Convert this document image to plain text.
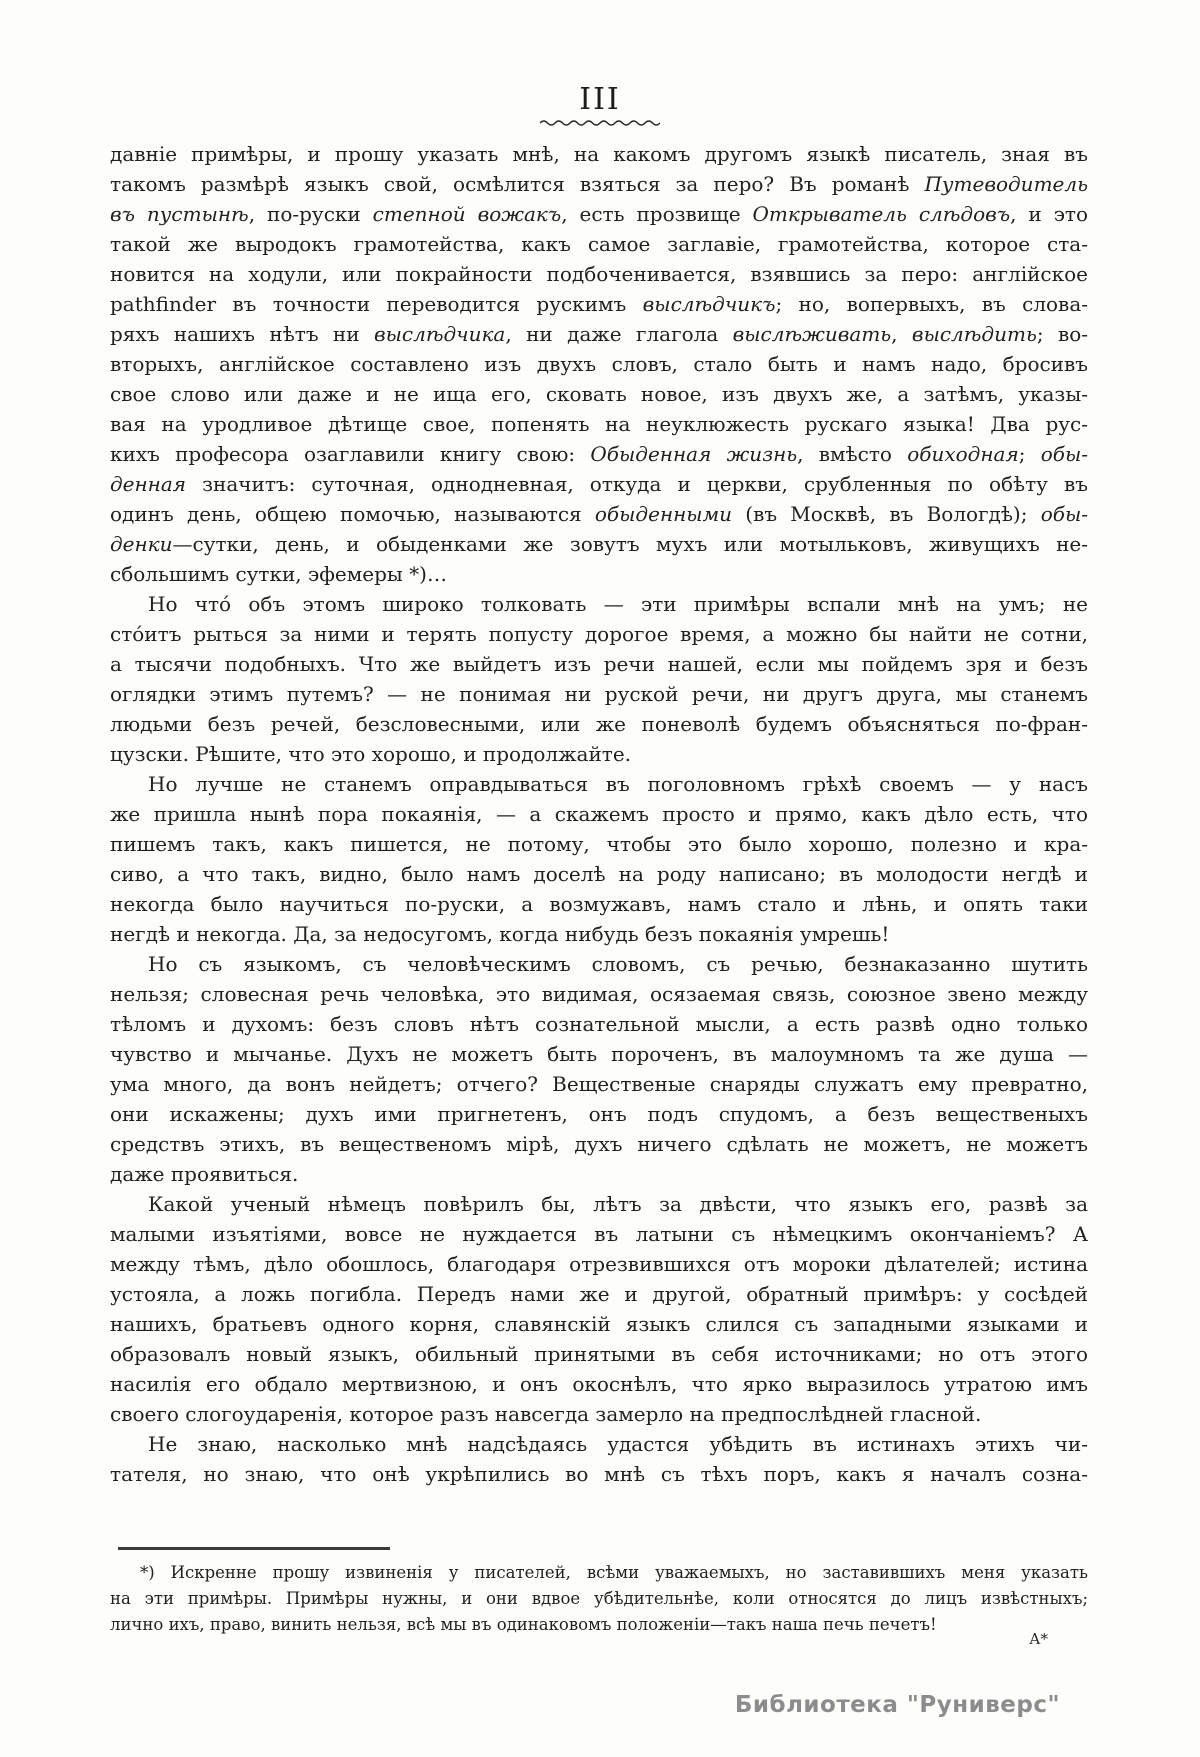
III
давніе примѣры, и прошу указать мнѣ, на какомъ другомъ языкѣ писатель, зная въ
такомъ размѣрѣ языкъ свой, осмѣлится взяться за перо? Въ романѣ Путеводитель
въ пустынѣ, по-руски степной вожакъ, есть прозвище Открыватель слѣдовъ, и это
такой же выродокъ грамотейства, какъ самое заглавіе, грамотейства, которое ста-
новится на ходули, или покрайности подбоченивается, взявшись за перо: англійское
pathfinder въ точности переводится рускимъ выслѣдчикъ; но, вопервыхъ, въ слова-
ряхъ нашихъ нѣтъ ни выслѣдчика, ни даже глагола выслѣживать, выслѣдить; во-
вторыхъ, англійское составлено изъ двухъ словъ, стало быть и намъ надо, бросивъ
свое слово или даже и не ища его, сковать новое, изъ двухъ же, а затѣмъ, указы-
вая на уродливое дѣтище свое, попенять на неуклюжесть рускаго языка! Два рус-
кихъ професора озаглавили книгу свою: Обыденная жизнь, вмѣсто обиходная; обы-
денная значитъ: суточная, однодневная, откуда и церкви, срубленныя по обѣту въ
одинъ день, общею помочью, называются обыденными (въ Москвѣ, въ Вологдѣ); обы-
денки—сутки, день, и обыденками же зовутъ мухъ или мотыльковъ, живущихъ не-
сбольшимъ сутки, эфемеры *)…
Но что́ объ этомъ широко толковать — эти примѣры вспали мнѣ на умъ; не
сто́итъ рыться за ними и терять попусту дорогое время, а можно бы найти не сотни,
а тысячи подобныхъ. Что же выйдетъ изъ речи нашей, если мы пойдемъ зря и безъ
оглядки этимъ путемъ? — не понимая ни руской речи, ни другъ друга, мы станемъ
людьми безъ речей, безсловесными, или же поневолѣ будемъ объясняться по-фран-
цузски. Рѣшите, что это хорошо, и продолжайте.
Но лучше не станемъ оправдываться въ поголовномъ грѣхѣ своемъ — у насъ
же пришла нынѣ пора покаянія, — а скажемъ просто и прямо, какъ дѣло есть, что
пишемъ такъ, какъ пишется, не потому, чтобы это было хорошо, полезно и кра-
сиво, а что такъ, видно, было намъ доселѣ на роду написано; въ молодости негдѣ и
некогда было научиться по-руски, а возмужавъ, намъ стало и лѣнь, и опять таки
негдѣ и некогда. Да, за недосугомъ, когда нибудь безъ покаянія умрешь!
Но съ языкомъ, съ человѣческимъ словомъ, съ речью, безнаказанно шутить
нельзя; словесная речь человѣка, это видимая, осязаемая связь, союзное звено между
тѣломъ и духомъ: безъ словъ нѣтъ сознательной мысли, а есть развѣ одно только
чувство и мычанье. Духъ не можетъ быть пороченъ, въ малоумномъ та же душа —
ума много, да вонъ нейдетъ; отчего? Вещественые снаряды служатъ ему превратно,
они искажены; духъ ими пригнетенъ, онъ подъ спудомъ, а безъ вещественыхъ
средствъ этихъ, въ вещественомъ мірѣ, духъ ничего сдѣлать не можетъ, не можетъ
даже проявиться.
Какой ученый нѣмецъ повѣрилъ бы, лѣтъ за двѣсти, что языкъ его, развѣ за
малыми изъятіями, вовсе не нуждается въ латыни съ нѣмецкимъ окончаніемъ? А
между тѣмъ, дѣло обошлось, благодаря отрезвившихся отъ мороки дѣлателей; истина
устояла, а ложь погибла. Передъ нами же и другой, обратный примѣръ: у сосѣдей
нашихъ, братьевъ одного корня, славянскій языкъ слился съ западными языками и
образовалъ новый языкъ, обильный принятыми въ себя источниками; но отъ этого
насилія его обдало мертвизною, и онъ окоснѣлъ, что ярко выразилось утратою имъ
своего слогоударенія, которое разъ навсегда замерло на предпослѣдней гласной.
Не знаю, насколько мнѣ надсѣдаясь удастся убѣдить въ истинахъ этихъ чи-
тателя, но знаю, что онѣ укрѣпились во мнѣ съ тѣхъ поръ, какъ я началъ созна-
*) Искренне прошу извиненія у писателей, всѣми уважаемыхъ, но заставившихъ меня указать
на эти примѣры. Примѣры нужны, и они вдвое убѣдительнѣе, коли относятся до лицъ извѣстныхъ;
лично ихъ, право, винить нельзя, всѣ мы въ одинаковомъ положеніи—такъ наша печь печетъ!
А*
Библиотека "Руниверс"
